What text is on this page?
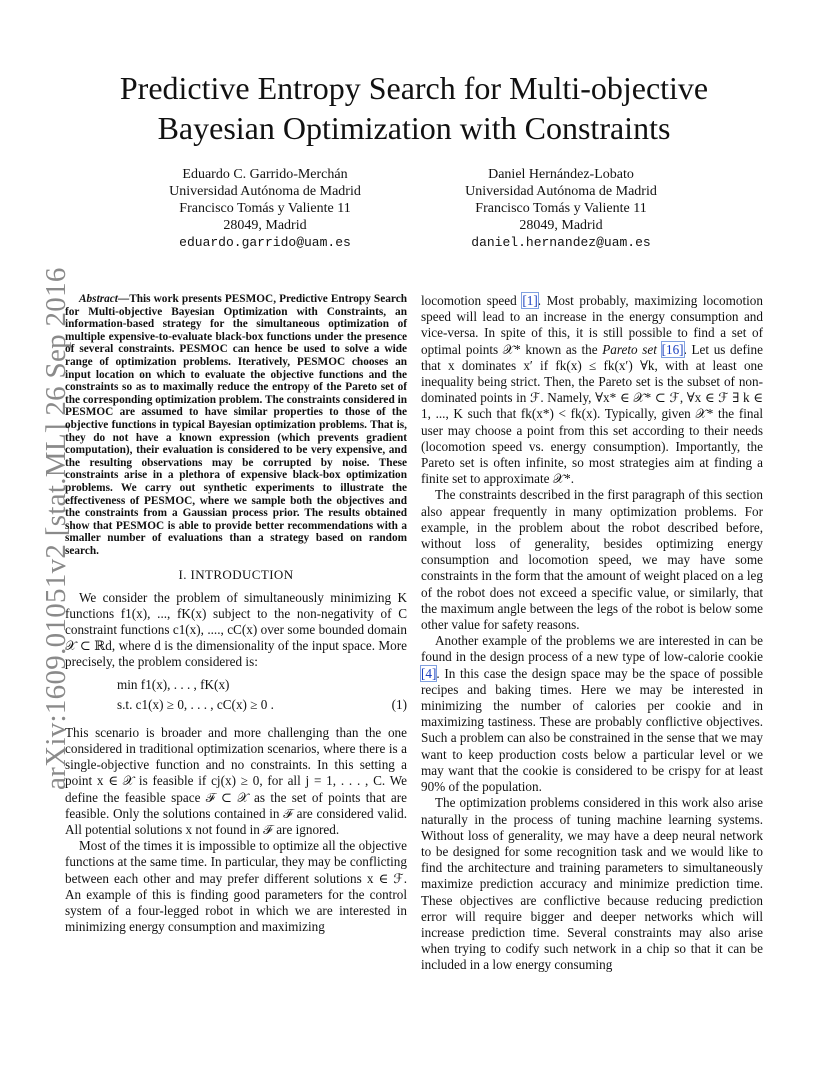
arXiv:1609.01051v2 [stat.ML] 26 Sep 2016
Predictive Entropy Search for Multi-objective
Bayesian Optimization with Constraints
Eduardo C. Garrido-Merchán
Universidad Autónoma de Madrid
Francisco Tomás y Valiente 11
28049, Madrid
eduardo.garrido@uam.es
Daniel Hernández-Lobato
Universidad Autónoma de Madrid
Francisco Tomás y Valiente 11
28049, Madrid
daniel.hernandez@uam.es

Abstract—This work presents PESMOC, Predictive Entropy Search for Multi-objective Bayesian Optimization with Constraints, an information-based strategy for the simultaneous optimization of multiple expensive-to-evaluate black-box functions under the presence of several constraints. PESMOC can hence be used to solve a wide range of optimization problems. Iteratively, PESMOC chooses an input location on which to evaluate the objective functions and the constraints so as to maximally reduce the entropy of the Pareto set of the corresponding optimization problem. The constraints considered in PESMOC are assumed to have similar properties to those of the objective functions in typical Bayesian optimization problems. That is, they do not have a known expression (which prevents gradient computation), their evaluation is considered to be very expensive, and the resulting observations may be corrupted by noise. These constraints arise in a plethora of expensive black-box optimization problems. We carry out synthetic experiments to illustrate the effectiveness of PESMOC, where we sample both the objectives and the constraints from a Gaussian process prior. The results obtained show that PESMOC is able to provide better recommendations with a smaller number of evaluations than a strategy based on random search.

I. INTRODUCTION

We consider the problem of simultaneously minimizing K functions f1(x), ..., fK(x) subject to the non-negativity of C constraint functions c1(x), ...., cC(x) over some bounded domain 𝒳 ⊂ ℝd, where d is the dimensionality of the input space. More precisely, the problem considered is:

min f1(x), . . . , fK(x)
s.t. c1(x) ≥ 0, . . . , cC(x) ≥ 0 .	(1)

This scenario is broader and more challenging than the one considered in traditional optimization scenarios, where there is a single-objective function and no constraints. In this setting a point x ∈ 𝒳 is feasible if cj(x) ≥ 0, for all j = 1, . . . , C. We define the feasible space ℱ ⊂ 𝒳 as the set of points that are feasible. Only the solutions contained in ℱ are considered valid. All potential solutions x not found in ℱ are ignored.

Most of the times it is impossible to optimize all the objective functions at the same time. In particular, they may be conflicting between each other and may prefer different solutions x ∈ ℱ. An example of this is finding good parameters for the control system of a four-legged robot in which we are interested in minimizing energy consumption and maximizing

locomotion speed [1]. Most probably, maximizing locomotion speed will lead to an increase in the energy consumption and vice-versa. In spite of this, it is still possible to find a set of optimal points 𝒳* known as the Pareto set [16]. Let us define that x dominates x′ if fk(x) ≤ fk(x′) ∀k, with at least one inequality being strict. Then, the Pareto set is the subset of non-dominated points in ℱ. Namely, ∀x* ∈ 𝒳* ⊂ ℱ, ∀x ∈ ℱ ∃ k ∈ 1, ..., K such that fk(x*) < fk(x). Typically, given 𝒳* the final user may choose a point from this set according to their needs (locomotion speed vs. energy consumption). Importantly, the Pareto set is often infinite, so most strategies aim at finding a finite set to approximate 𝒳*.

The constraints described in the first paragraph of this section also appear frequently in many optimization problems. For example, in the problem about the robot described before, without loss of generality, besides optimizing energy consumption and locomotion speed, we may have some constraints in the form that the amount of weight placed on a leg of the robot does not exceed a specific value, or similarly, that the maximum angle between the legs of the robot is below some other value for safety reasons.

Another example of the problems we are interested in can be found in the design process of a new type of low-calorie cookie [4]. In this case the design space may be the space of possible recipes and baking times. Here we may be interested in minimizing the number of calories per cookie and in maximizing tastiness. These are probably conflictive objectives. Such a problem can also be constrained in the sense that we may want to keep production costs below a particular level or we may want that the cookie is considered to be crispy for at least 90% of the population.

The optimization problems considered in this work also arise naturally in the process of tuning machine learning systems. Without loss of generality, we may have a deep neural network to be designed for some recognition task and we would like to find the architecture and training parameters to simultaneously maximize prediction accuracy and minimize prediction time. These objectives are conflictive because reducing prediction error will require bigger and deeper networks which will increase prediction time. Several constraints may also arise when trying to codify such network in a chip so that it can be included in a low energy consuming
